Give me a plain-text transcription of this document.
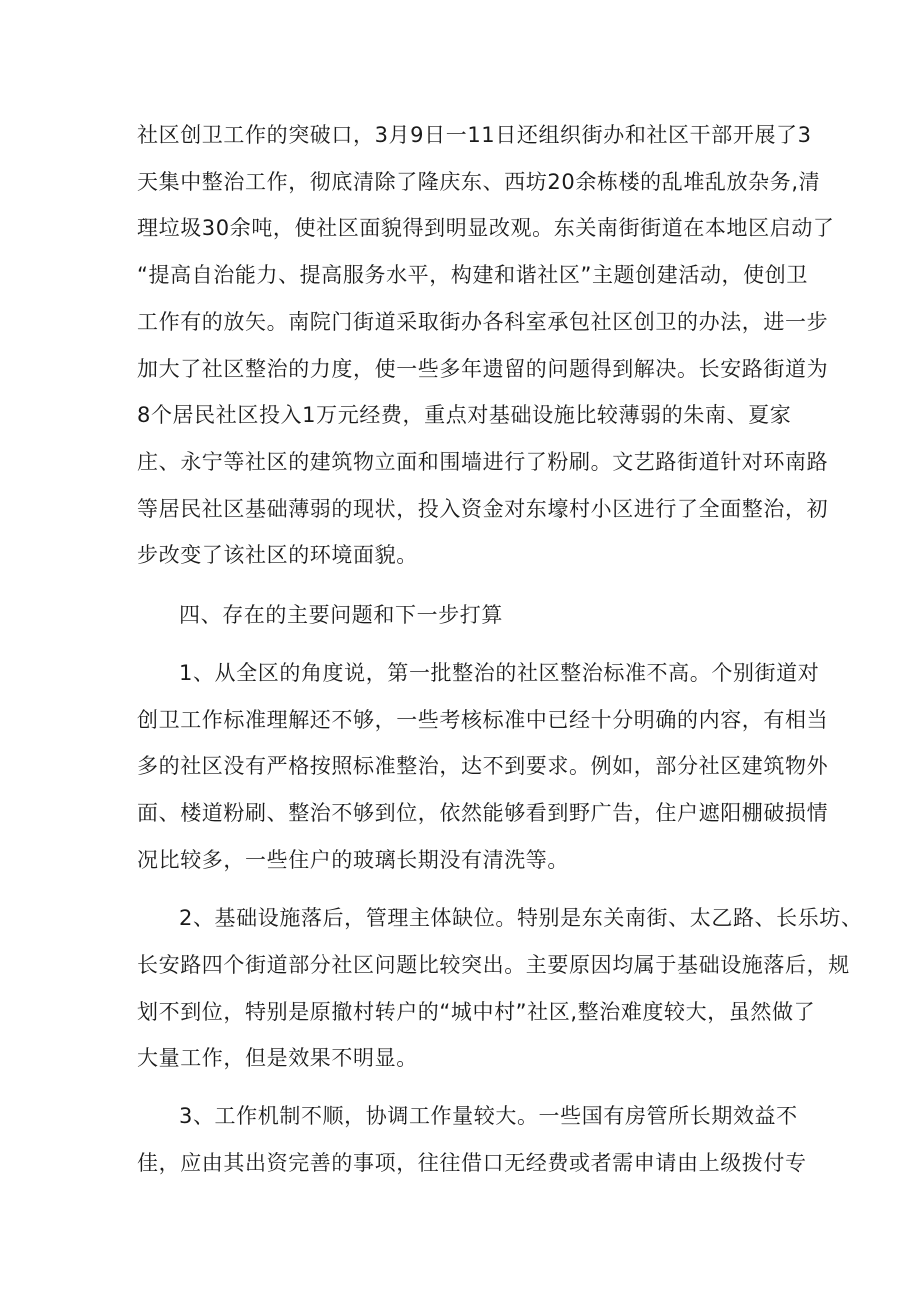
社区创卫工作的突破口，3月9日一11日还组织街办和社区干部开展了3
天集中整治工作，彻底清除了隆庆东、西坊20余栋楼的乱堆乱放杂务,清
理垃圾30余吨，使社区面貌得到明显改观。东关南街街道在本地区启动了
“提高自治能力、提高服务水平，构建和谐社区”主题创建活动，使创卫
工作有的放矢。南院门街道采取街办各科室承包社区创卫的办法，进一步
加大了社区整治的力度，使一些多年遗留的问题得到解决。长安路街道为
8个居民社区投入1万元经费，重点对基础设施比较薄弱的朱南、夏家
庄、永宁等社区的建筑物立面和围墙进行了粉刷。文艺路街道针对环南路
等居民社区基础薄弱的现状，投入资金对东壕村小区进行了全面整治，初
步改变了该社区的环境面貌。
四、存在的主要问题和下一步打算
1、从全区的角度说，第一批整治的社区整治标准不高。个别街道对
创卫工作标准理解还不够，一些考核标准中已经十分明确的内容，有相当
多的社区没有严格按照标准整治，达不到要求。例如，部分社区建筑物外
面、楼道粉刷、整治不够到位，依然能够看到野广告，住户遮阳棚破损情
况比较多，一些住户的玻璃长期没有清洗等。
2、基础设施落后，管理主体缺位。特别是东关南街、太乙路、长乐坊、
长安路四个街道部分社区问题比较突出。主要原因均属于基础设施落后，规
划不到位，特别是原撤村转户的“城中村”社区,整治难度较大，虽然做了
大量工作，但是效果不明显。
3、工作机制不顺，协调工作量较大。一些国有房管所长期效益不
佳，应由其出资完善的事项，往往借口无经费或者需申请由上级拨付专
